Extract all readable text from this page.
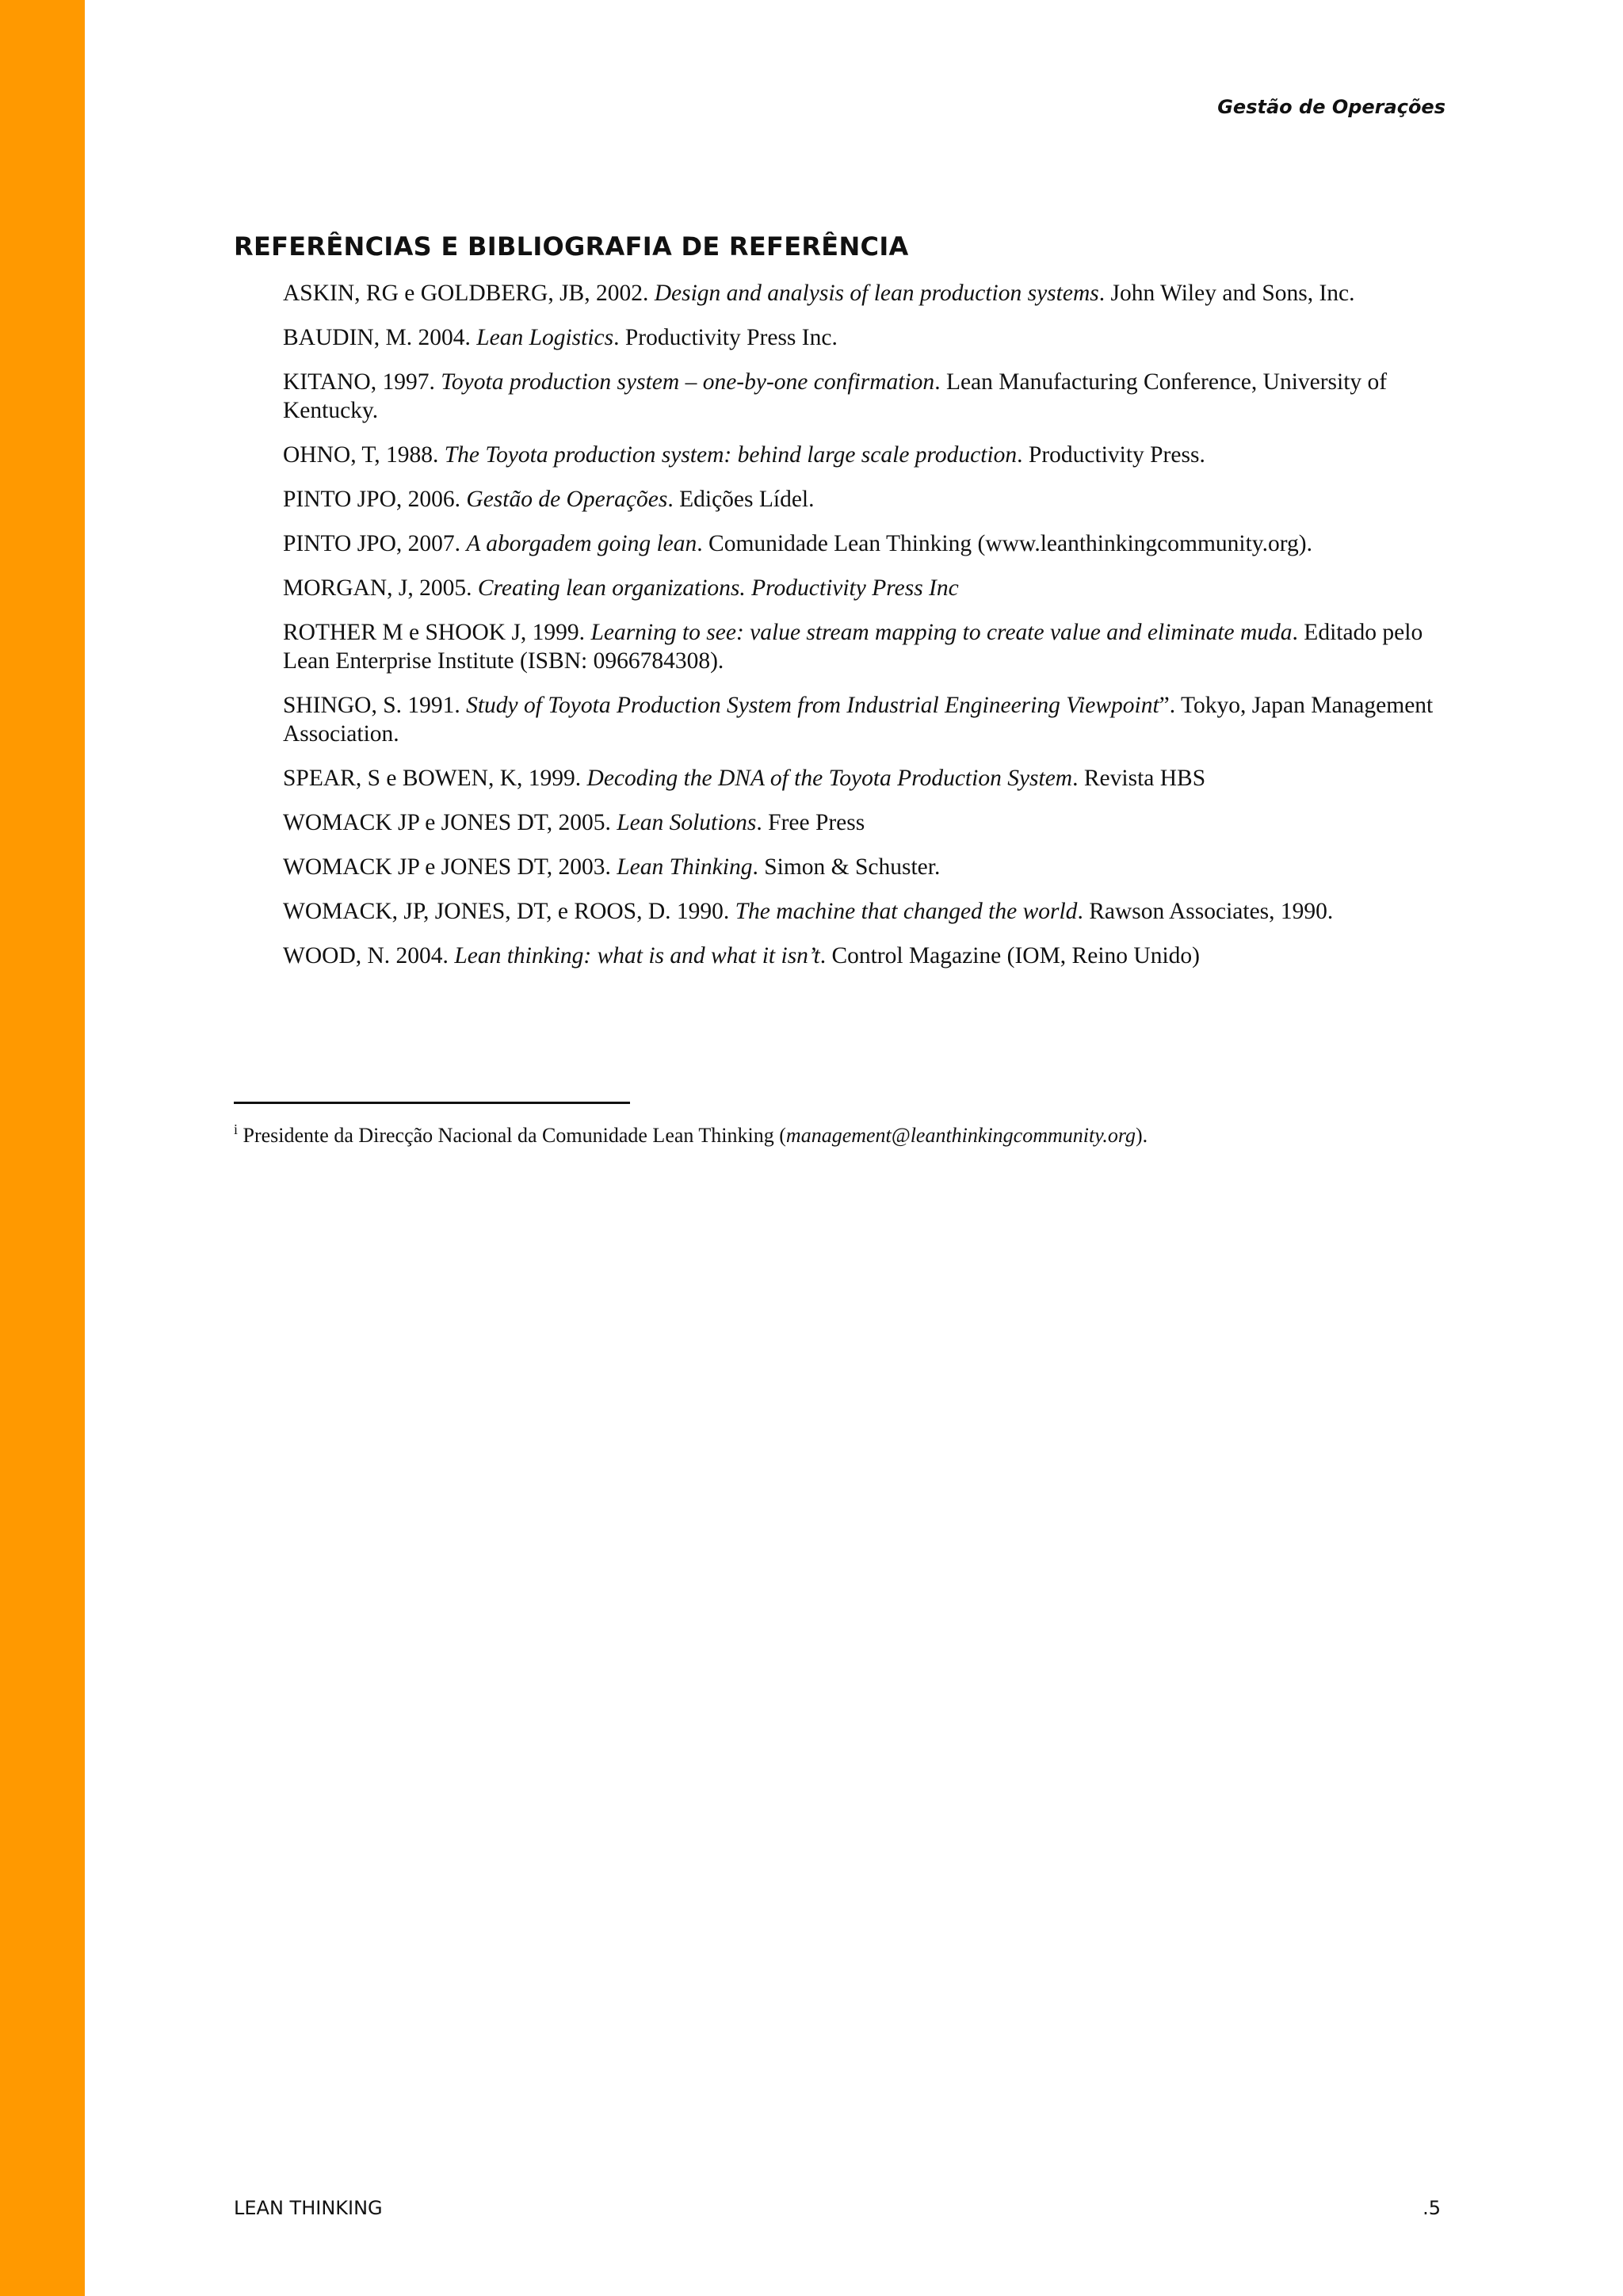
Gestão de Operações
REFERÊNCIAS E BIBLIOGRAFIA DE REFERÊNCIA
ASKIN, RG e GOLDBERG, JB, 2002. Design and analysis of lean production systems. John Wiley and Sons, Inc.
BAUDIN, M. 2004. Lean Logistics. Productivity Press Inc.
KITANO, 1997. Toyota production system – one-by-one confirmation. Lean Manufacturing Conference, University of Kentucky.
OHNO, T, 1988. The Toyota production system: behind large scale production. Productivity Press.
PINTO JPO, 2006. Gestão de Operações. Edições Lídel.
PINTO JPO, 2007. A aborgadem going lean. Comunidade Lean Thinking (www.leanthinkingcommunity.org).
MORGAN, J, 2005. Creating lean organizations. Productivity Press Inc
ROTHER M e SHOOK J, 1999. Learning to see: value stream mapping to create value and eliminate muda. Editado pelo Lean Enterprise Institute (ISBN: 0966784308).
SHINGO, S. 1991. Study of Toyota Production System from Industrial Engineering Viewpoint”. Tokyo, Japan Management Association.
SPEAR, S e BOWEN, K, 1999. Decoding the DNA of the Toyota Production System. Revista HBS
WOMACK JP e JONES DT, 2005. Lean Solutions. Free Press
WOMACK JP e JONES DT, 2003. Lean Thinking. Simon & Schuster.
WOMACK, JP, JONES, DT, e ROOS, D. 1990. The machine that changed the world. Rawson Associates, 1990.
WOOD, N. 2004. Lean thinking: what is and what it isn’t. Control Magazine (IOM, Reino Unido)
$^i$ Presidente da Direcção Nacional da Comunidade Lean Thinking (management@leanthinkingcommunity.org).
LEAN THINKING	.5
